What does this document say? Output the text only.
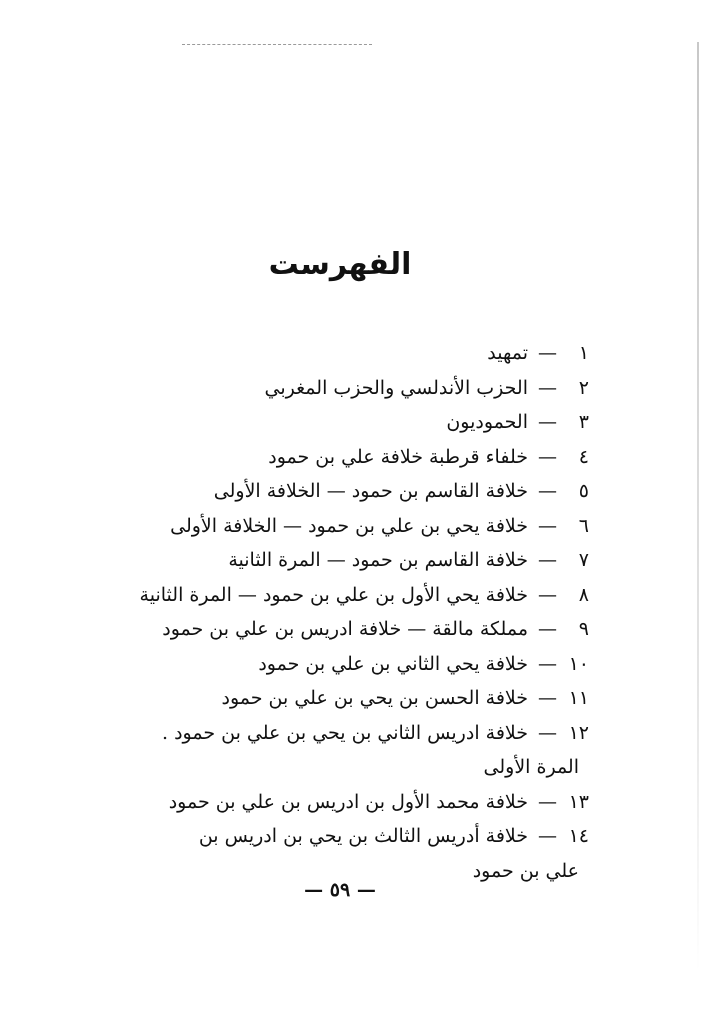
الفهرست
١
—
تمهيد
٢
—
الحزب الأندلسي والحزب المغربي
٣
—
الحموديون
٤
—
خلفاء قرطبة خلافة علي بن حمود
٥
—
خلافة القاسم بن حمود — الخلافة الأولى
٦
—
خلافة يحي بن علي بن حمود — الخلافة الأولى
٧
—
خلافة القاسم بن حمود — المرة الثانية
٨
—
خلافة يحي الأول بن علي بن حمود — المرة الثانية
٩
—
مملكة مالقة — خلافة ادريس بن علي بن حمود
١٠
—
خلافة يحي الثاني بن علي بن حمود
١١
—
خلافة الحسن بن يحي بن علي بن حمود
١٢
—
خلافة ادريس الثاني بن يحي بن علي بن حمود .
المرة الأولى
١٣
—
خلافة محمد الأول بن ادريس بن علي بن حمود
١٤
—
خلافة أدريس الثالث بن يحي بن ادريس بن
علي بن حمود
— ٥٩ —
